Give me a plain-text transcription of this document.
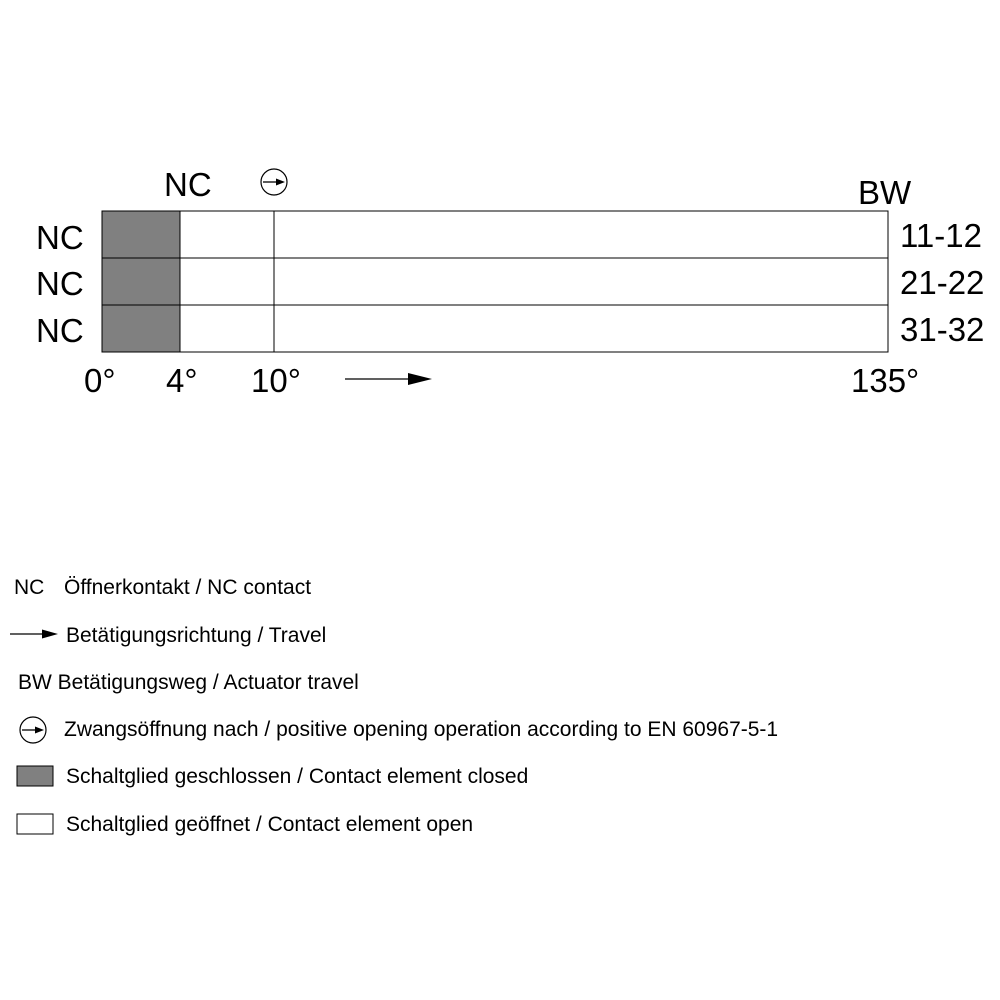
NC	BW
NC
NC
NC
11-12
21-22
31-32
0° 4° 10°	135°
NC Öffnerkontakt / NC contact
Betätigungsrichtung / Travel
BW Betätigungsweg / Actuator travel
Zwangsöffnung nach / positive opening operation according to EN 60967-5-1
Schaltglied geschlossen / Contact element closed
Schaltglied geöffnet / Contact element open
